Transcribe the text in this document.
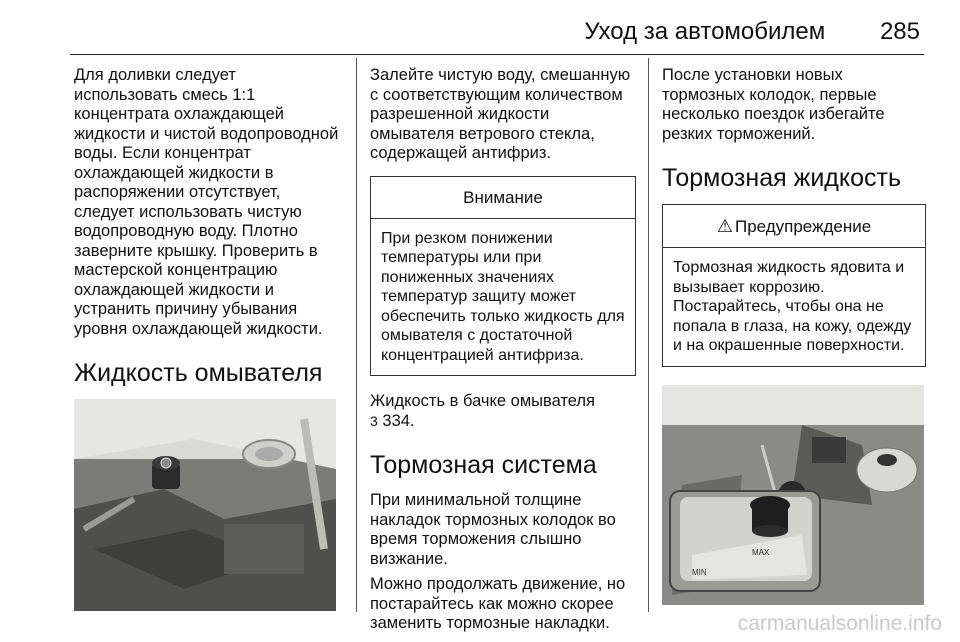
Уход за автомобилем 285

Для доливки следует использовать смесь 1:1 концентрата охлаждающей жидкости и чистой водопроводной воды. Если концентрат охлаждающей жидкости в распоряжении отсутствует, следует использовать чистую водопроводную воду. Плотно заверните крышку. Проверить в мастерской концентрацию охлаждающей жидкости и устранить причину убывания уровня охлаждающей жидкости.

Жидкость омывателя

Залейте чистую воду, смешанную с соответствующим количеством разрешенной жидкости омывателя ветрового стекла, содержащей антифриз.

Внимание
При резком понижении температуры или при пониженных значениях температур защиту может обеспечить только жидкость для омывателя с достаточной концентрацией антифриза.

Жидкость в бачке омывателя
3 334.

Тормозная система

При минимальной толщине накладок тормозных колодок во время торможения слышно визжание.

Можно продолжать движение, но постарайтесь как можно скорее заменить тормозные накладки.

После установки новых тормозных колодок, первые несколько поездок избегайте резких торможений.

Тормозная жидкость
⚠ Предупреждение
Тормозная жидкость ядовита и вызывает коррозию. Постарайтесь, чтобы она не попала в глаза, на кожу, одежду и на окрашенные поверхности.
MIN
MAX
carmanualsonline.info
